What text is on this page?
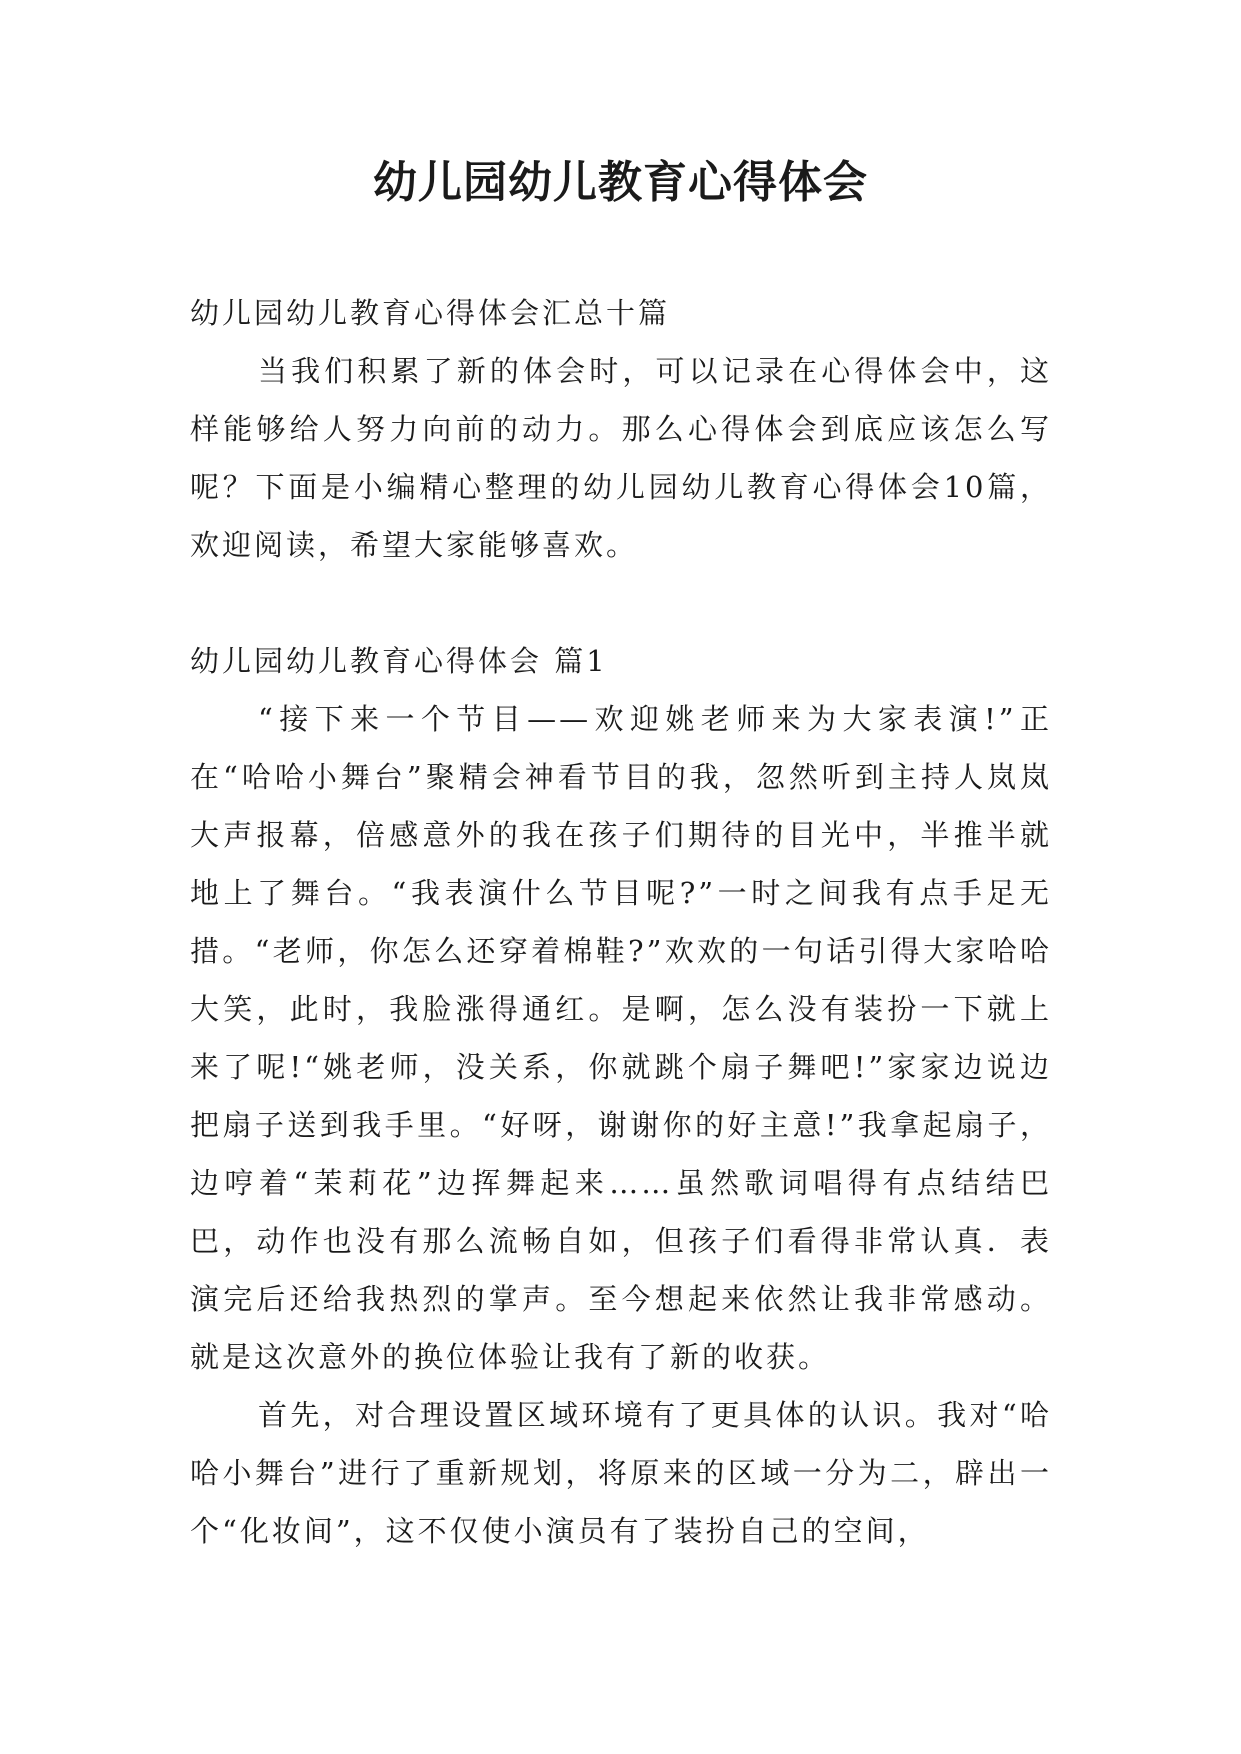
幼儿园幼儿教育心得体会

幼儿园幼儿教育心得体会汇总十篇

当我们积累了新的体会时，可以记录在心得体会中，这样能够给人努力向前的动力。那么心得体会到底应该怎么写呢？下面是小编精心整理的幼儿园幼儿教育心得体会10篇，欢迎阅读，希望大家能够喜欢。

幼儿园幼儿教育心得体会 篇1

“接下来一个节目——欢迎姚老师来为大家表演!”正在“哈哈小舞台”聚精会神看节目的我，忽然听到主持人岚岚大声报幕，倍感意外的我在孩子们期待的目光中，半推半就地上了舞台。“我表演什么节目呢?”一时之间我有点手足无措。“老师，你怎么还穿着棉鞋?”欢欢的一句话引得大家哈哈大笑，此时，我脸涨得通红。是啊，怎么没有装扮一下就上来了呢!“姚老师，没关系，你就跳个扇子舞吧!”家家边说边把扇子送到我手里。“好呀，谢谢你的好主意!”我拿起扇子，边哼着“茉莉花”边挥舞起来……虽然歌词唱得有点结结巴巴，动作也没有那么流畅自如，但孩子们看得非常认真．表演完后还给我热烈的掌声。至今想起来依然让我非常感动。就是这次意外的换位体验让我有了新的收获。

首先，对合理设置区域环境有了更具体的认识。我对“哈哈小舞台”进行了重新规划，将原来的区域一分为二，辟出一个“化妆间”，这不仅使小演员有了装扮自己的空间，
